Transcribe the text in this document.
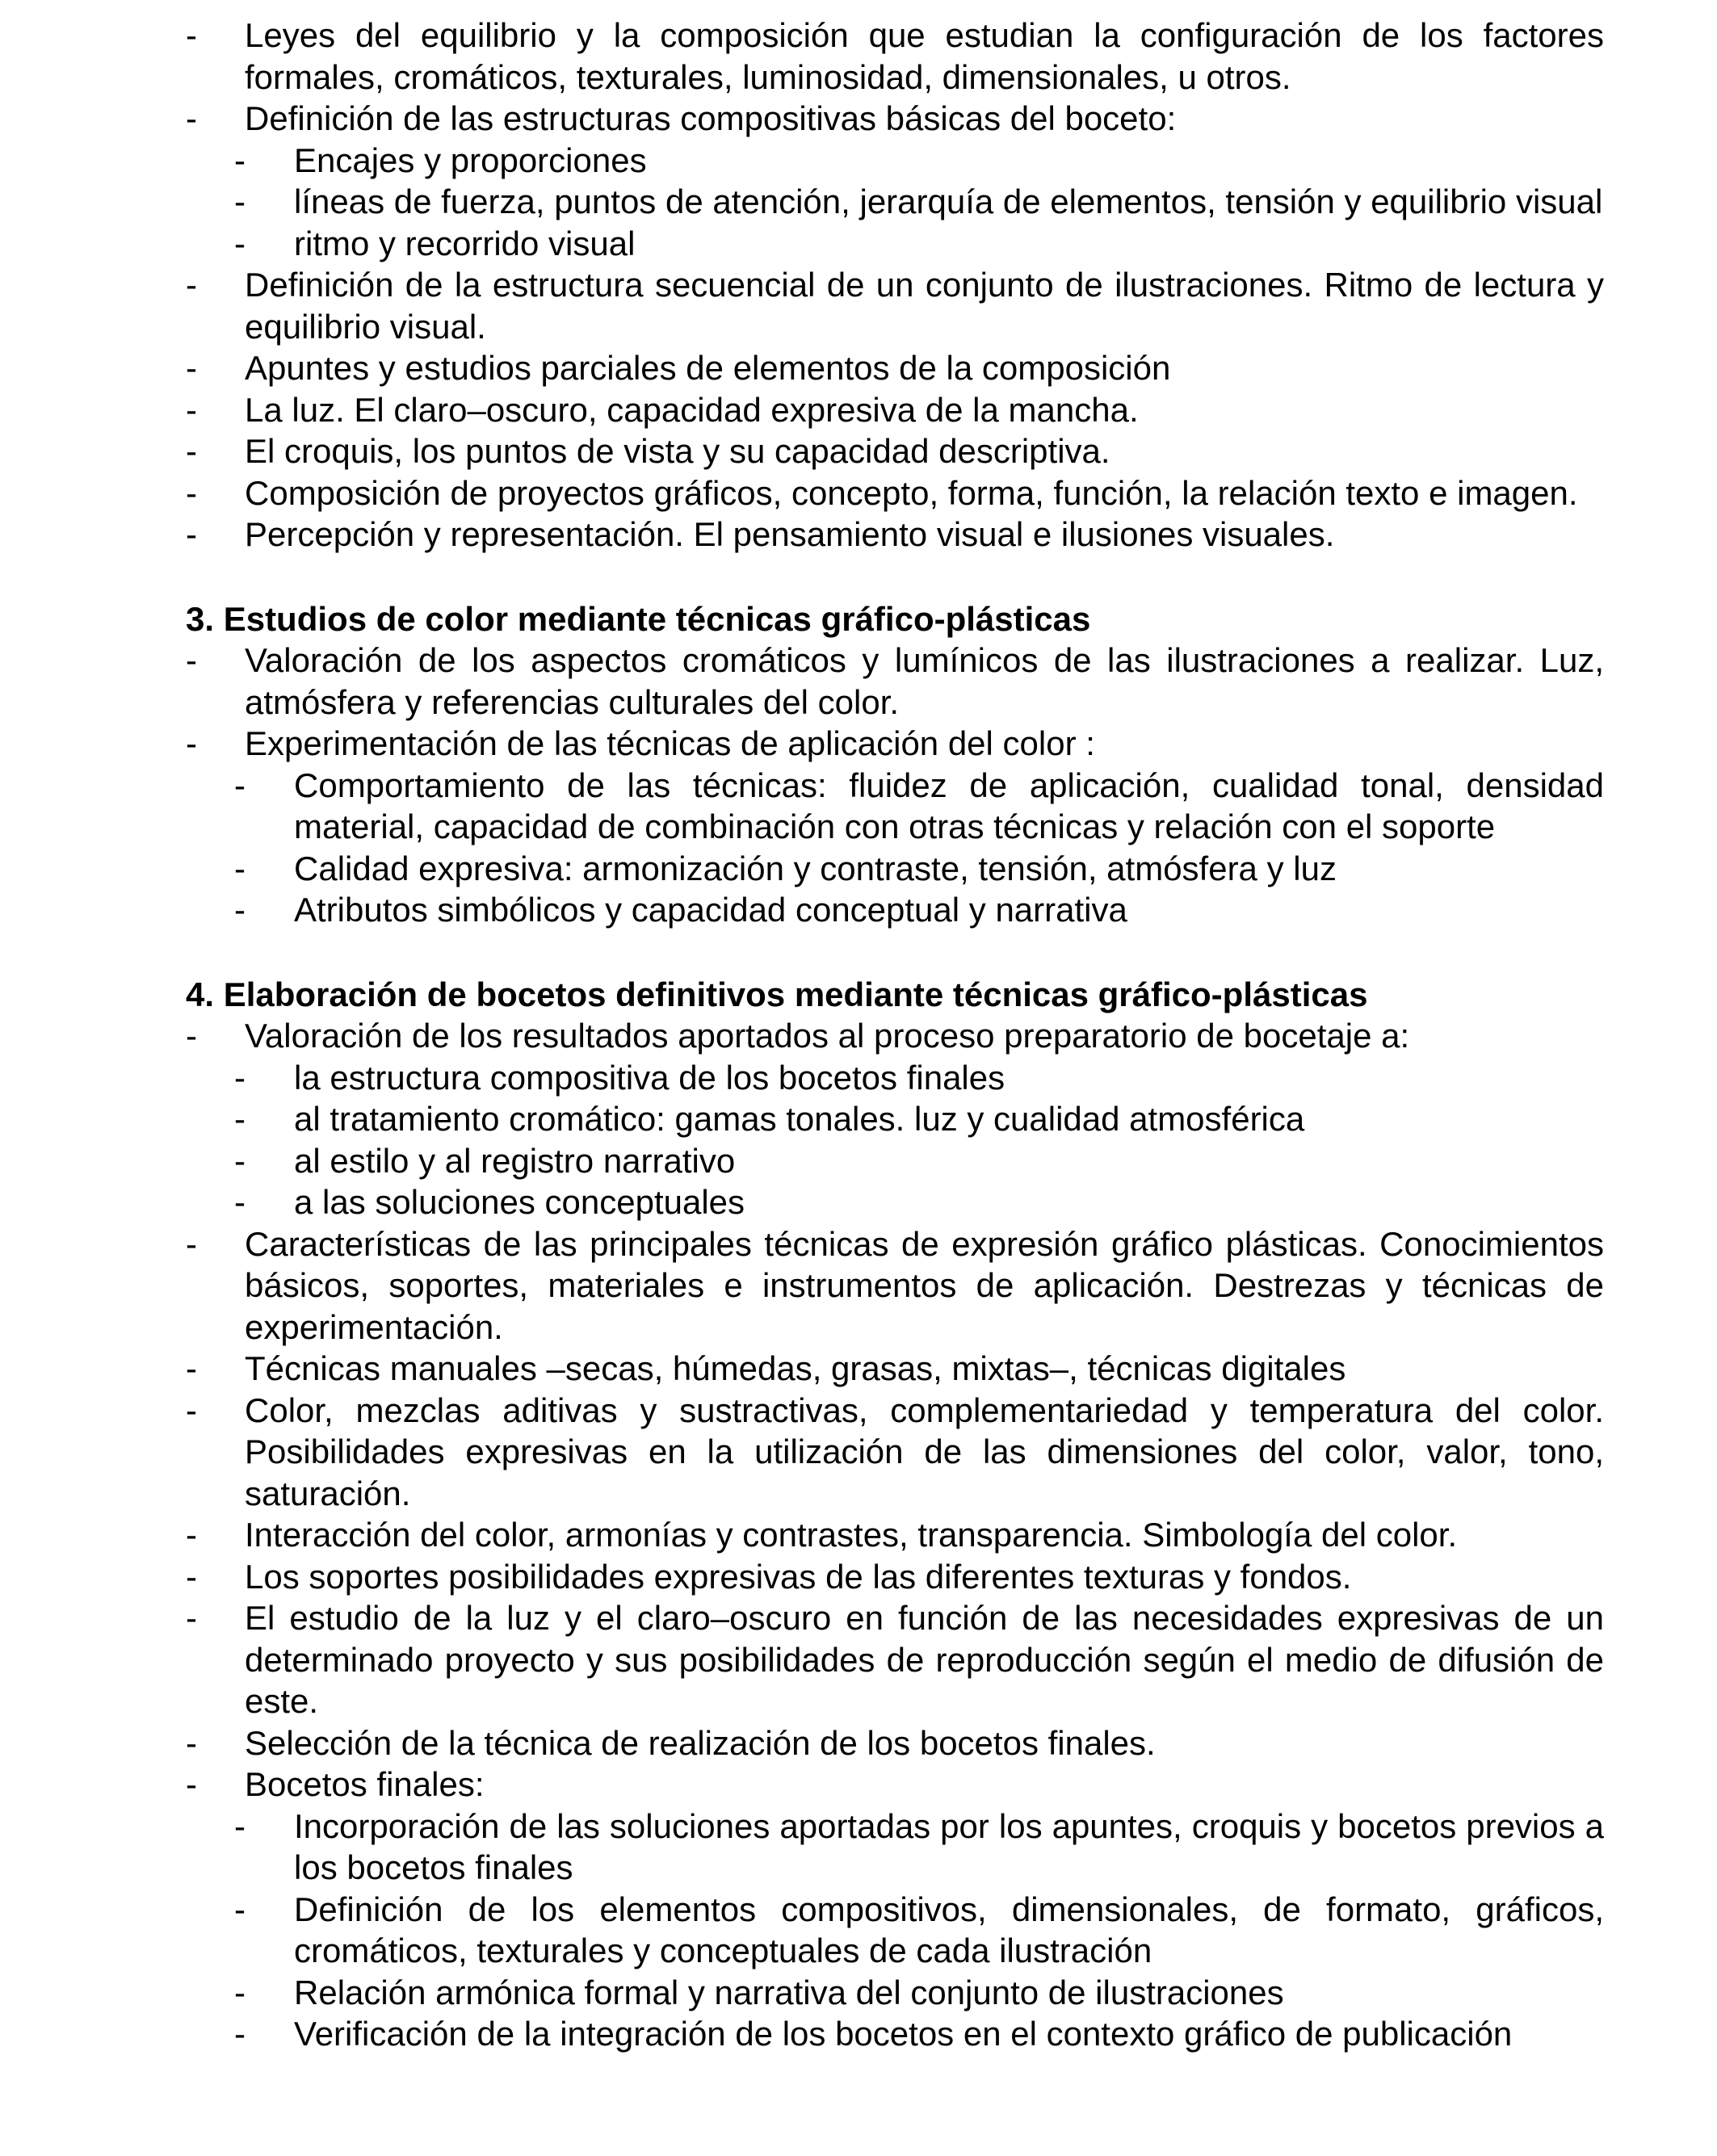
- Leyes del equilibrio y la composición que estudian la configuración de los factores formales, cromáticos, texturales, luminosidad, dimensionales, u otros.
- Definición de las estructuras compositivas básicas del boceto:
- Encajes y proporciones
- líneas de fuerza, puntos de atención, jerarquía de elementos, tensión y equilibrio visual
- ritmo y recorrido visual
- Definición de la estructura secuencial de un conjunto de ilustraciones. Ritmo de lectura y equilibrio visual.
- Apuntes y estudios parciales de elementos de la composición
- La luz. El claro–oscuro, capacidad expresiva de la mancha.
- El croquis, los puntos de vista y su capacidad descriptiva.
- Composición de proyectos gráficos, concepto, forma, función, la relación texto e imagen.
- Percepción y representación. El pensamiento visual e ilusiones visuales.
3. Estudios de color mediante técnicas gráfico-plásticas
- Valoración de los aspectos cromáticos y lumínicos de las ilustraciones a realizar. Luz, atmósfera y referencias culturales del color.
- Experimentación de las técnicas de aplicación del color :
- Comportamiento de las técnicas: fluidez de aplicación, cualidad tonal, densidad material, capacidad de combinación con otras técnicas y relación con el soporte
- Calidad expresiva: armonización y contraste, tensión, atmósfera y luz
- Atributos simbólicos y capacidad conceptual y narrativa
4. Elaboración de bocetos definitivos mediante técnicas gráfico-plásticas
- Valoración de los resultados aportados al proceso preparatorio de bocetaje a:
- la estructura compositiva de los bocetos finales
- al tratamiento cromático: gamas tonales. luz y cualidad atmosférica
- al estilo y al registro narrativo
- a las soluciones conceptuales
- Características de las principales técnicas de expresión gráfico plásticas. Conocimientos básicos, soportes, materiales e instrumentos de aplicación. Destrezas y técnicas de experimentación.
- Técnicas manuales –secas, húmedas, grasas, mixtas–, técnicas digitales
- Color, mezclas aditivas y sustractivas, complementariedad y temperatura del color. Posibilidades expresivas en la utilización de las dimensiones del color, valor, tono, saturación.
- Interacción del color, armonías y contrastes, transparencia. Simbología del color.
- Los soportes posibilidades expresivas de las diferentes texturas y fondos.
- El estudio de la luz y el claro–oscuro en función de las necesidades expresivas de un determinado proyecto y sus posibilidades de reproducción según el medio de difusión de este.
- Selección de la técnica de realización de los bocetos finales.
- Bocetos finales:
- Incorporación de las soluciones aportadas por los apuntes, croquis y bocetos previos a los bocetos finales
- Definición de los elementos compositivos, dimensionales, de formato, gráficos, cromáticos, texturales y conceptuales de cada ilustración
- Relación armónica formal y narrativa del conjunto de ilustraciones
- Verificación de la integración de los bocetos en el contexto gráfico de publicación
